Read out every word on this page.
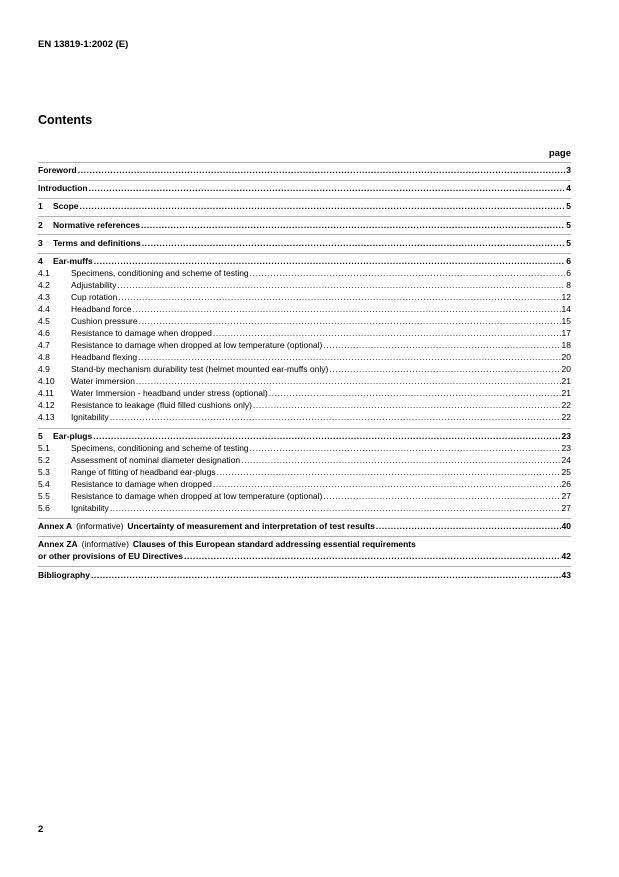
EN 13819-1:2002 (E)
Contents
page
Foreword .....	3
Introduction .....	4
1	Scope .....	5
2	Normative references .....	5
3	Terms and definitions .....	5
4	Ear-muffs .....	6
4.1	Specimens, conditioning and scheme of testing .....	6
4.2	Adjustability .....	8
4.3	Cup rotation .....	12
4.4	Headband force .....	14
4.5	Cushion pressure .....	15
4.6	Resistance to damage when dropped .....	17
4.7	Resistance to damage when dropped at low temperature (optional) .....	18
4.8	Headband flexing .....	20
4.9	Stand-by mechanism durability test (helmet mounted ear-muffs only) .....	20
4.10	Water immersion .....	21
4.11	Water Immersion - headband under stress (optional) .....	21
4.12	Resistance to leakage (fluid filled cushions only) .....	22
4.13	Ignitability .....	22
5	Ear-plugs .....	23
5.1	Specimens, conditioning and scheme of testing .....	23
5.2	Assessment of nominal diameter designation .....	24
5.3	Range of fitting of headband ear-plugs .....	25
5.4	Resistance to damage when dropped .....	26
5.5	Resistance to damage when dropped at low temperature (optional) .....	27
5.6	Ignitability .....	27
Annex A (informative) Uncertainty of measurement and interpretation of test results .....	40
Annex ZA (informative) Clauses of this European standard addressing essential requirements
or other provisions of EU Directives .....	42
Bibliography .....	43
2
